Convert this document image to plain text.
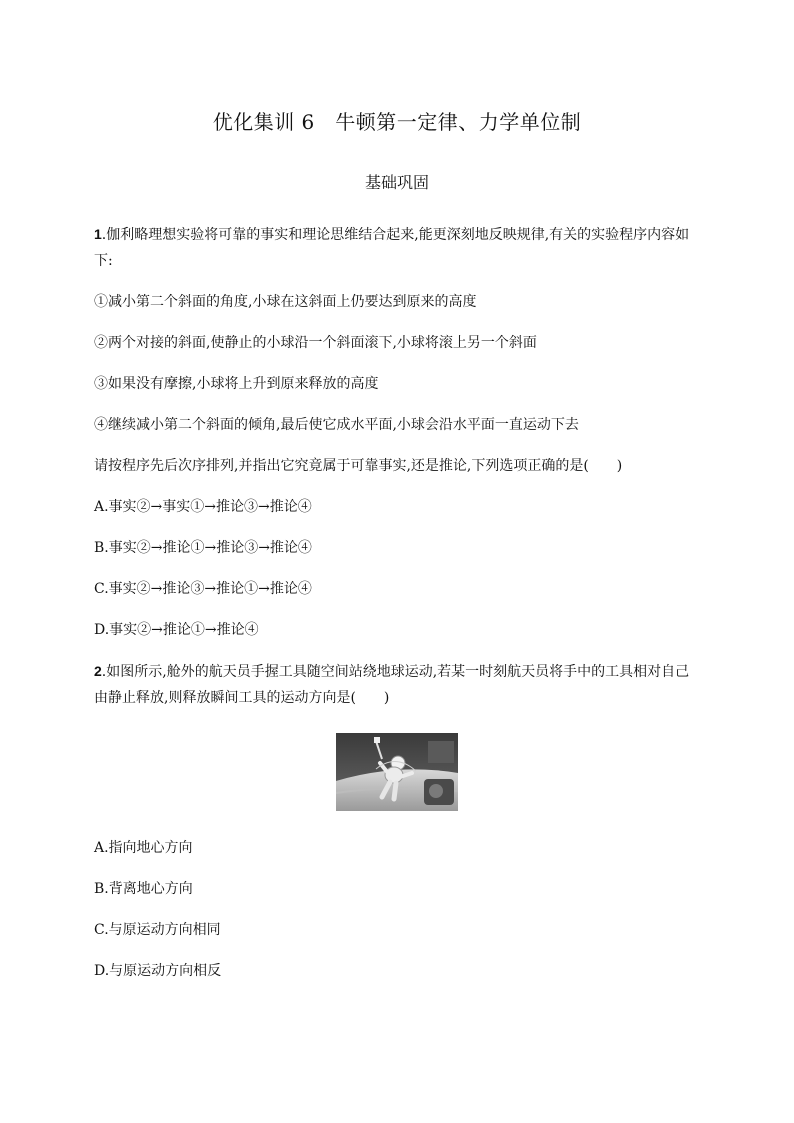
优化集训 6　牛顿第一定律、力学单位制
基础巩固
1.伽利略理想实验将可靠的事实和理论思维结合起来,能更深刻地反映规律,有关的实验程序内容如
下:
①减小第二个斜面的角度,小球在这斜面上仍要达到原来的高度
②两个对接的斜面,使静止的小球沿一个斜面滚下,小球将滚上另一个斜面
③如果没有摩擦,小球将上升到原来释放的高度
④继续减小第二个斜面的倾角,最后使它成水平面,小球会沿水平面一直运动下去
请按程序先后次序排列,并指出它究竟属于可靠事实,还是推论,下列选项正确的是(　　)
A.事实②→事实①→推论③→推论④
B.事实②→推论①→推论③→推论④
C.事实②→推论③→推论①→推论④
D.事实②→推论①→推论④
2.如图所示,舱外的航天员手握工具随空间站绕地球运动,若某一时刻航天员将手中的工具相对自己
由静止释放,则释放瞬间工具的运动方向是(　　)
A.指向地心方向
B.背离地心方向
C.与原运动方向相同
D.与原运动方向相反
